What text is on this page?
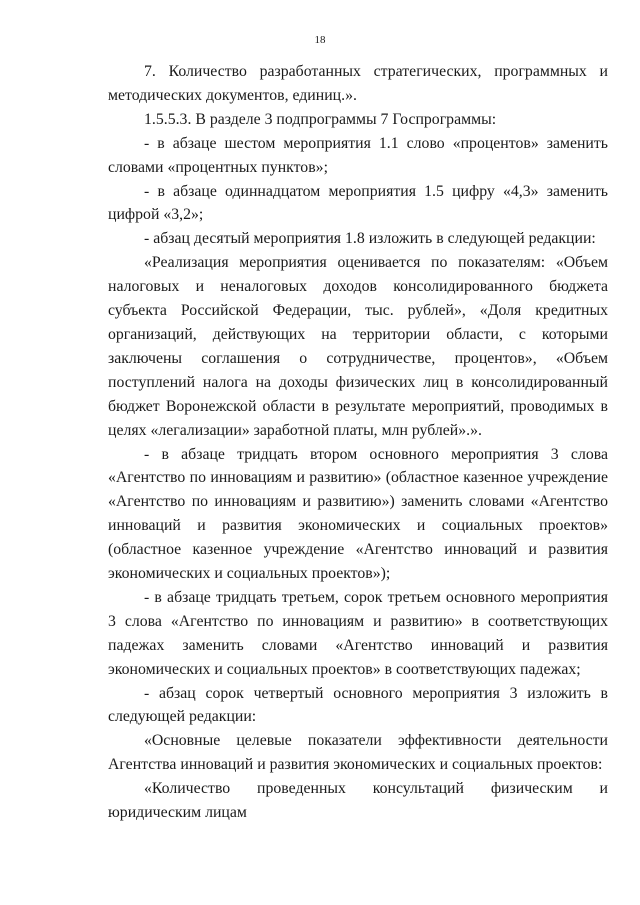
18

7. Количество разработанных стратегических, программных и методических документов, единиц.».

1.5.5.3. В разделе 3 подпрограммы 7 Госпрограммы:

- в абзаце шестом мероприятия 1.1 слово «процентов» заменить словами «процентных пунктов»;

- в абзаце одиннадцатом мероприятия 1.5 цифру «4,3» заменить цифрой «3,2»;

- абзац десятый мероприятия 1.8 изложить в следующей редакции:

«Реализация мероприятия оценивается по показателям: «Объем налоговых и неналоговых доходов консолидированного бюджета субъекта Российской Федерации, тыс. рублей», «Доля кредитных организаций, действующих на территории области, с которыми заключены соглашения о сотрудничестве, процентов», «Объем поступлений налога на доходы физических лиц в консолидированный бюджет Воронежской области в результате мероприятий, проводимых в целях «легализации» заработной платы, млн рублей».».

- в абзаце тридцать втором основного мероприятия 3 слова «Агентство по инновациям и развитию» (областное казенное учреждение «Агентство по инновациям и развитию») заменить словами «Агентство инноваций и развития экономических и социальных проектов» (областное казенное учреждение «Агентство инноваций и развития экономических и социальных проектов»);

- в абзаце тридцать третьем, сорок третьем основного мероприятия 3 слова «Агентство по инновациям и развитию» в соответствующих падежах заменить словами «Агентство инноваций и развития экономических и социальных проектов» в соответствующих падежах;

- абзац сорок четвертый основного мероприятия 3 изложить в следующей редакции:

«Основные целевые показатели эффективности деятельности Агентства инноваций и развития экономических и социальных проектов:

«Количество проведенных консультаций физическим и юридическим лицам
